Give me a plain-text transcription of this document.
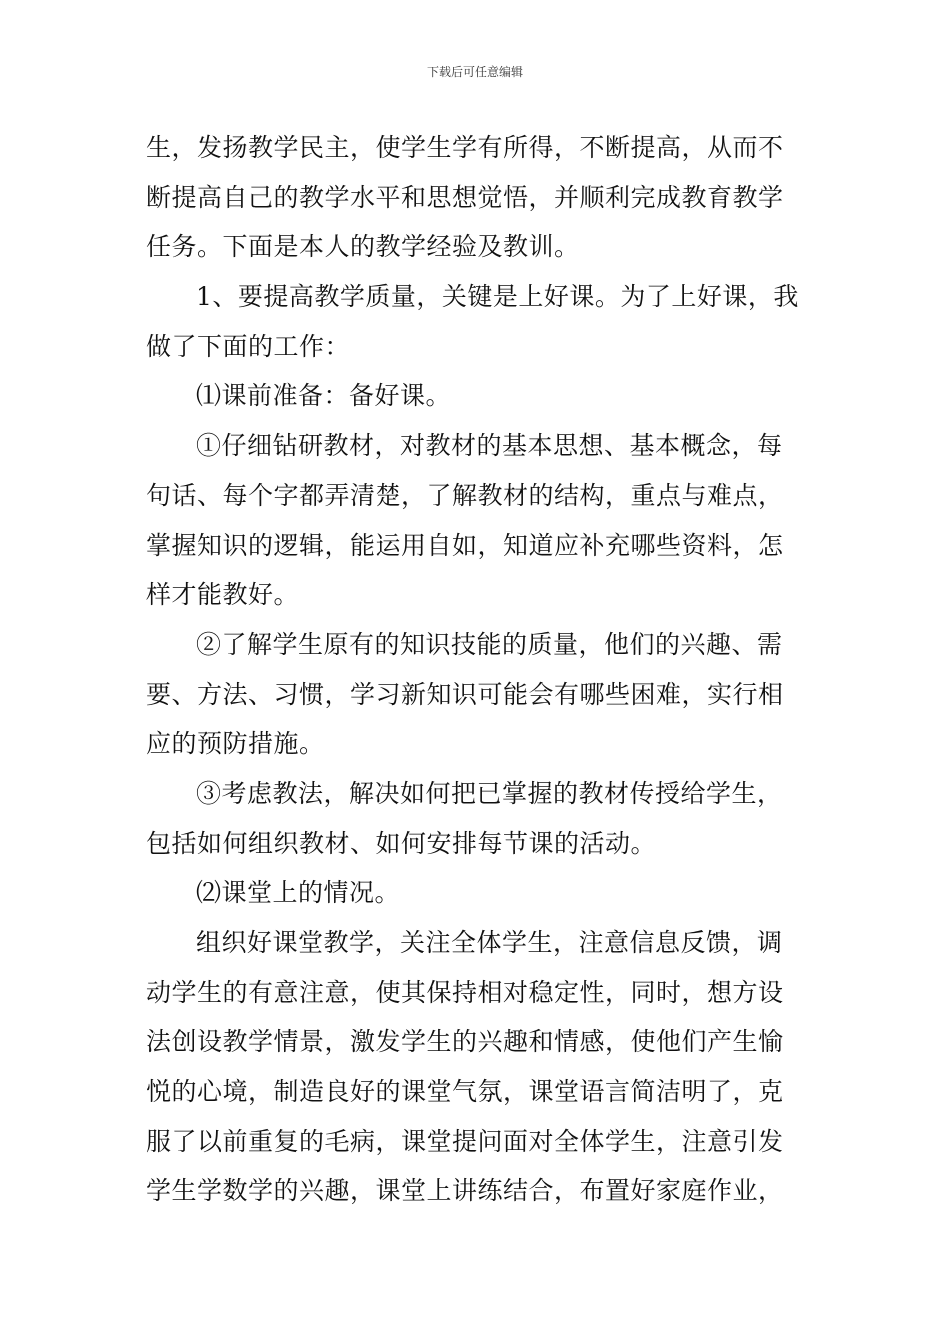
下载后可任意编辑
生，发扬教学民主，使学生学有所得，不断提高，从而不
断提高自己的教学水平和思想觉悟，并顺利完成教育教学
任务。下面是本人的教学经验及教训。
1、要提高教学质量，关键是上好课。为了上好课，我
做了下面的工作：
⑴课前准备：备好课。
①仔细钻研教材，对教材的基本思想、基本概念，每
句话、每个字都弄清楚，了解教材的结构，重点与难点，
掌握知识的逻辑，能运用自如，知道应补充哪些资料，怎
样才能教好。
②了解学生原有的知识技能的质量，他们的兴趣、需
要、方法、习惯，学习新知识可能会有哪些困难，实行相
应的预防措施。
③考虑教法，解决如何把已掌握的教材传授给学生，
包括如何组织教材、如何安排每节课的活动。
⑵课堂上的情况。
组织好课堂教学，关注全体学生，注意信息反馈，调
动学生的有意注意，使其保持相对稳定性，同时，想方设
法创设教学情景，激发学生的兴趣和情感，使他们产生愉
悦的心境，制造良好的课堂气氛，课堂语言简洁明了，克
服了以前重复的毛病，课堂提问面对全体学生，注意引发
学生学数学的兴趣，课堂上讲练结合，布置好家庭作业，
